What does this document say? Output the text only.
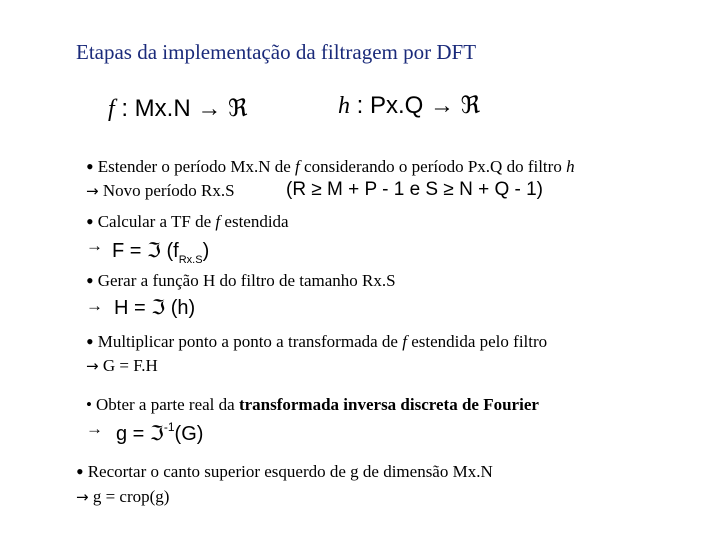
Etapas da implementação da filtragem por DFT
f : Mx.N → ℜ	h : Px.Q → ℜ
• Estender o período Mx.N de f considerando o período Px.Q do filtro h
→ Novo período Rx.S	(R ≥ M + P - 1 e S ≥ N + Q - 1)
• Calcular a TF de f estendida
→ F = ℑ $(f_{Rx.S})$
• Gerar a função H do filtro de tamanho Rx.S
→ H = ℑ (h)
• Multiplicar ponto a ponto a transformada de f estendida pelo filtro
→ G = F.H
• Obter a parte real da transformada inversa discreta de Fourier
→ g = ℑ$^{-1}$(G)
• Recortar o canto superior esquerdo de g de dimensão Mx.N
→ g = crop(g)
